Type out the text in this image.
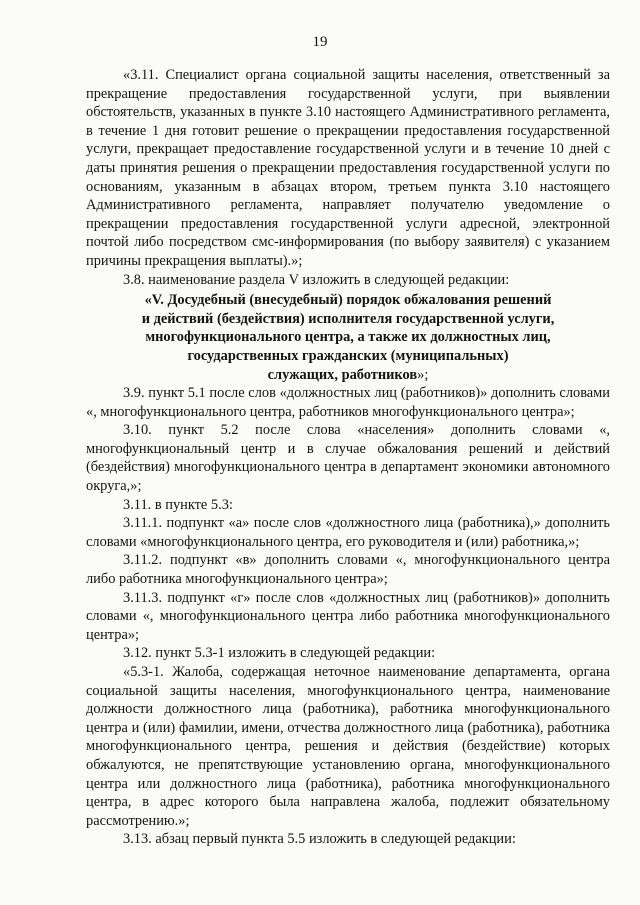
19

«3.11. Специалист органа социальной защиты населения, ответственный за прекращение предоставления государственной услуги, при выявлении обстоятельств, указанных в пункте 3.10 настоящего Административного регламента, в течение 1 дня готовит решение о прекращении предоставления государственной услуги, прекращает предоставление государственной услуги и в течение 10 дней с даты принятия решения о прекращении предоставления государственной услуги по основаниям, указанным в абзацах втором, третьем пункта 3.10 настоящего Административного регламента, направляет получателю уведомление о прекращении предоставления государственной услуги адресной, электронной почтой либо посредством смс-информирования (по выбору заявителя) с указанием причины прекращения выплаты).»;

3.8. наименование раздела V изложить в следующей редакции:

«V. Досудебный (внесудебный) порядок обжалования решений
и действий (бездействия) исполнителя государственной услуги,
многофункционального центра, а также их должностных лиц,
государственных гражданских (муниципальных)
служащих, работников»;

3.9. пункт 5.1 после слов «должностных лиц (работников)» дополнить словами «, многофункционального центра, работников многофункционального центра»;

3.10. пункт 5.2 после слова «населения» дополнить словами «, многофункциональный центр и в случае обжалования решений и действий (бездействия) многофункционального центра в департамент экономики автономного округа,»;

3.11. в пункте 5.3:

3.11.1. подпункт «а» после слов «должностного лица (работника),» дополнить словами «многофункционального центра, его руководителя и (или) работника,»;

3.11.2. подпункт «в» дополнить словами «, многофункционального центра либо работника многофункционального центра»;

3.11.3. подпункт «г» после слов «должностных лиц (работников)» дополнить словами «, многофункционального центра либо работника многофункционального центра»;

3.12. пункт 5.3-1 изложить в следующей редакции:

«5.3-1. Жалоба, содержащая неточное наименование департамента, органа социальной защиты населения, многофункционального центра, наименование должности должностного лица (работника), работника многофункционального центра и (или) фамилии, имени, отчества должностного лица (работника), работника многофункционального центра, решения и действия (бездействие) которых обжалуются, не препятствующие установлению органа, многофункционального центра или должностного лица (работника), работника многофункционального центра, в адрес которого была направлена жалоба, подлежит обязательному рассмотрению.»;

3.13. абзац первый пункта 5.5 изложить в следующей редакции:
